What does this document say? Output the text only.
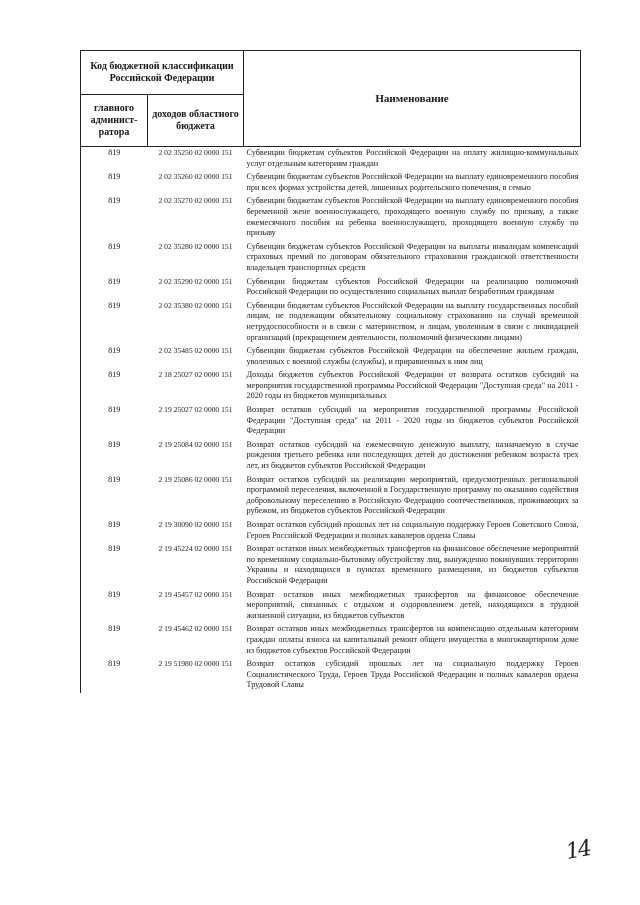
Код бюджетной классификации Российской Федерации		Наименование
главного админист-ратора	доходов областного бюджета	
819	2 02 35250 02 0000 151	Субвенции бюджетам субъектов Российской Федерации на оплату жилищно-коммунальных услуг отдельным категориям граждан
819	2 02 35260 02 0000 151	Субвенции бюджетам субъектов Российской Федерации на выплату единовременного пособия при всех формах устройства детей, лишенных родительского попечения, в семью
819	2 02 35270 02 0000 151	Субвенции бюджетам субъектов Российской Федерации на выплату единовременного пособия беременной жене военнослужащего, проходящего военную службу по призыву, а также ежемесячного пособия на ребенка военнослужащего, проходящего военную службу по призыву
819	2 02 35280 02 0000 151	Субвенции бюджетам субъектов Российской Федерации на выплаты инвалидам компенсаций страховых премий по договорам обязательного страхования гражданской ответственности владельцев транспортных средств
819	2 02 35290 02 0000 151	Субвенции бюджетам субъектов Российской Федерации на реализацию полномочий Российской Федерации по осуществлению социальных выплат безработным гражданам
819	2 02 35380 02 0000 151	Субвенции бюджетам субъектов Российской Федерации на выплату государственных пособий лицам, не подлежащим обязательному социальному страхованию на случай временной нетрудоспособности и в связи с материнством, и лицам, уволенным в связи с ликвидацией организаций (прекращением деятельности, полномочий физическими лицами)
819	2 02 35485 02 0000 151	Субвенции бюджетам субъектов Российской Федерации на обеспечение жильем граждан, уволенных с военной службы (службы), и приравненных к ним лиц
819	2 18 25027 02 0000 151	Доходы бюджетов субъектов Российской Федерации от возврата остатков субсидий на мероприятия государственной программы Российской Федерации "Доступная среда" на 2011 - 2020 годы из бюджетов муниципальных
819	2 19 25027 02 0000 151	Возврат остатков субсидий на мероприятия государственной программы Российской Федерации "Доступная среда" на 2011 - 2020 годы из бюджетов субъектов Российской Федерации
819	2 19 25084 02 0000 151	Возврат остатков субсидий на ежемесячную денежную выплату, назначаемую в случае рождения третьего ребенка или последующих детей до достижения ребенком возраста трех лет, из бюджетов субъектов Российской Федерации
819	2 19 25086 02 0000 151	Возврат остатков субсидий на реализацию мероприятий, предусмотренных региональной программой переселения, включенной в Государственную программу по оказанию содействия добровольному переселению в Российскую Федерацию соотечественников, проживающих за рубежом, из бюджетов субъектов Российской Федерации
819	2 19 30090 02 0000 151	Возврат остатков субсидий прошлых лет на социальную поддержку Героев Советского Союза, Героев Российской Федерации и полных кавалеров ордена Славы
819	2 19 45224 02 0000 151	Возврат остатков иных межбюджетных трансфертов на финансовое обеспечение мероприятий по временному социально-бытовому обустройству лиц, вынужденно покинувших территорию Украины и находящихся в пунктах временного размещения, из бюджетов субъектов Российской Федерации
819	2 19 45457 02 0000 151	Возврат остатков иных межбюджетных трансфертов на финансовое обеспечение мероприятий, связанных с отдыхом и оздоровлением детей, находящихся в трудной жизненной ситуации, из бюджетов субъектов
819	2 19 45462 02 0000 151	Возврат остатков иных межбюджетных трансфертов на компенсацию отдельным категориям граждан оплаты взноса на капитальный ремонт общего имущества в многоквартирном доме из бюджетов субъектов Российской Федерации
819	2 19 51980 02 0000 151	Возврат остатков субсидий прошлых лет на социальную поддержку Героев Социалистического Труда, Героев Труда Российской Федерации и полных кавалеров ордена Трудовой Славы
14
